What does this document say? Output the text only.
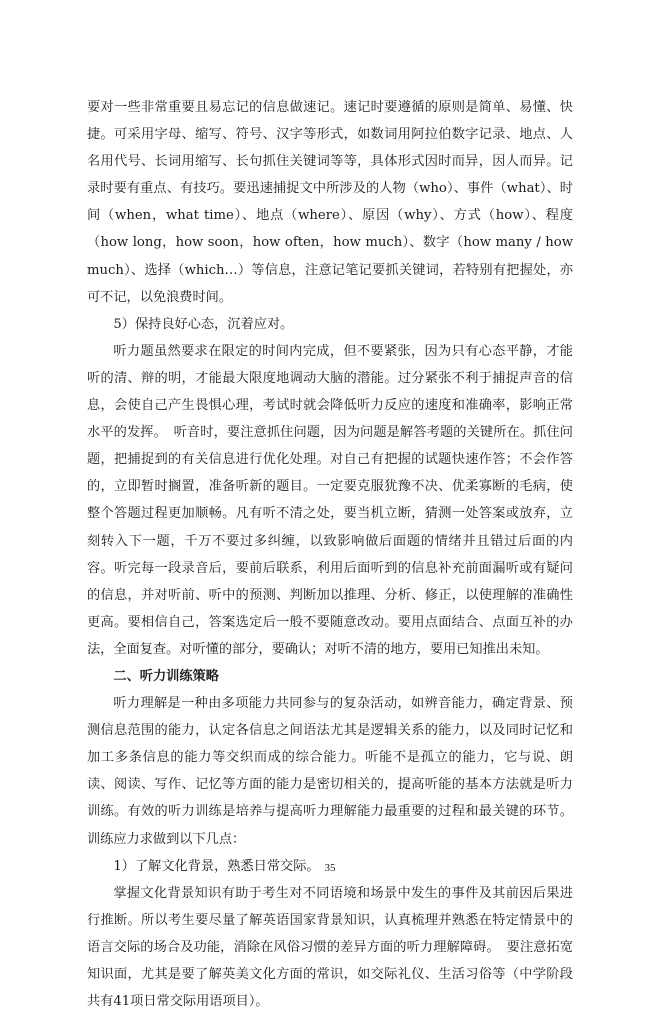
要对一些非常重要且易忘记的信息做速记。速记时要遵循的原则是简单、易懂、快捷。可采用字母、缩写、符号、汉字等形式，如数词用阿拉伯数字记录、地点、人名用代号、长词用缩写、长句抓住关键词等等，具体形式因时而异，因人而异。记录时要有重点、有技巧。要迅速捕捉文中所涉及的人物（who）、事件（what）、时间（when，what time）、地点（where）、原因（why）、方式（how）、程度（how long，how soon，how often，how much）、数字（how many / how much）、选择（which…）等信息，注意记笔记要抓关键词，若特别有把握处，亦可不记，以免浪费时间。

5）保持良好心态，沉着应对。

听力题虽然要求在限定的时间内完成，但不要紧张，因为只有心态平静，才能听的清、辩的明，才能最大限度地调动大脑的潜能。过分紧张不利于捕捉声音的信息，会使自己产生畏惧心理，考试时就会降低听力反应的速度和准确率，影响正常水平的发挥。　听音时，要注意抓住问题，因为问题是解答考题的关键所在。抓住问题，把捕捉到的有关信息进行优化处理。对自己有把握的试题快速作答；不会作答的，立即暂时搁置，准备听新的题目。一定要克服犹豫不决、优柔寡断的毛病，使整个答题过程更加顺畅。凡有听不清之处，要当机立断，猜测一处答案或放弃，立刻转入下一题，千万不要过多纠缠，以致影响做后面题的情绪并且错过后面的内容。听完每一段录音后，要前后联系，利用后面听到的信息补充前面漏听或有疑问的信息，并对听前、听中的预测、判断加以推理、分析、修正，以使理解的准确性更高。要相信自己，答案选定后一般不要随意改动。要用点面结合、点面互补的办法，全面复查。对听懂的部分，要确认；对听不清的地方，要用已知推出未知。

二、听力训练策略

听力理解是一种由多项能力共同参与的复杂活动，如辨音能力，确定背景、预测信息范围的能力，认定各信息之间语法尤其是逻辑关系的能力，以及同时记忆和加工多条信息的能力等交织而成的综合能力。听能不是孤立的能力，它与说、朗读、阅读、写作、记忆等方面的能力是密切相关的，提高听能的基本方法就是听力训练。有效的听力训练是培养与提高听力理解能力最重要的过程和最关键的环节。训练应力求做到以下几点：

1）了解文化背景，熟悉日常交际。

掌握文化背景知识有助于考生对不同语境和场景中发生的事件及其前因后果进行推断。所以考生要尽量了解英语国家背景知识，认真梳理并熟悉在特定情景中的语言交际的场合及功能，消除在风俗习惯的差异方面的听力理解障碍。　要注意拓宽知识面，尤其是要了解英美文化方面的常识，如交际礼仪、生活习俗等（中学阶段共有41项日常交际用语项目）。

35
